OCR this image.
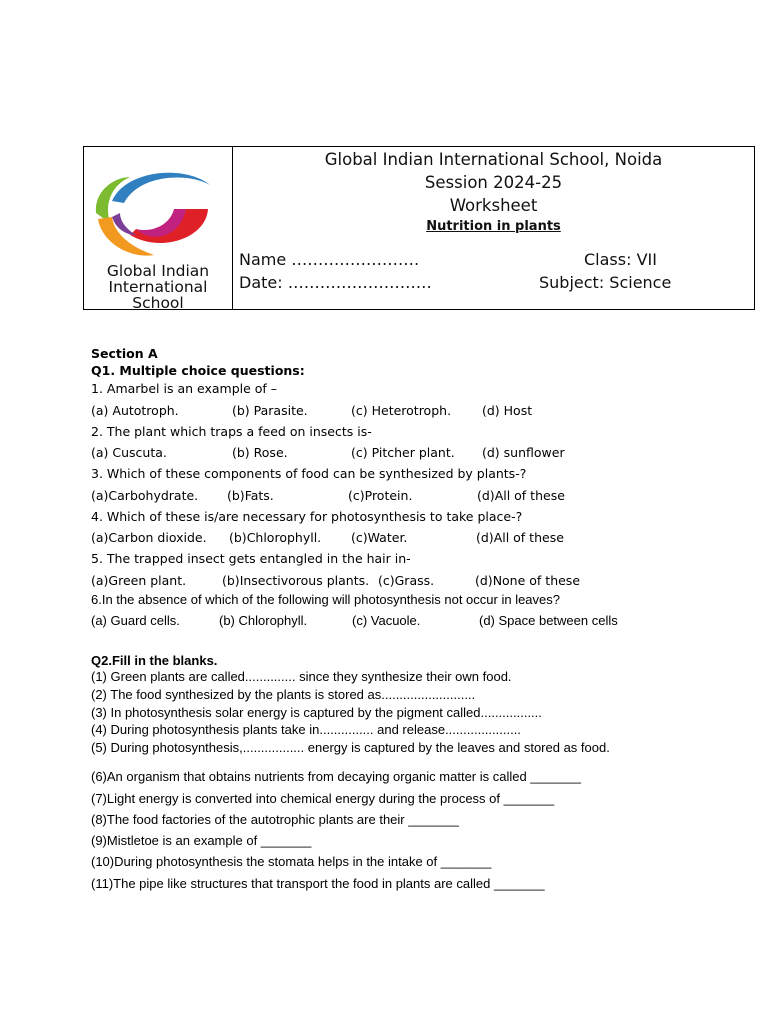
Global Indian
International
School
Global Indian International School, Noida
Session 2024-25
Worksheet
Nutrition in plants
Name ……………………
Date: ………………………
Class: VII
Subject: Science
Section A
Q1. Multiple choice questions:
1. Amarbel is an example of –
(a) Autotroph.	(b) Parasite.	(c) Heterotroph. (d) Host
2. The plant which traps a feed on insects is-
(a) Cuscuta.	(b) Rose.	(c) Pitcher plant. (d) sunflower
3. Which of these components of food can be synthesized by plants-?
(a)Carbohydrate. (b)Fats.	(c)Protein.	(d)All of these
4. Which of these is/are necessary for photosynthesis to take place-?
(a)Carbon dioxide. (b)Chlorophyll. (c)Water.	(d)All of these
5. The trapped insect gets entangled in the hair in-
(a)Green plant.	(b)Insectivorous plants. (c)Grass.	(d)None of these
6.In the absence of which of the following will photosynthesis not occur in leaves?
(a) Guard cells.	(b) Chlorophyll.	(c) Vacuole.	(d) Space between cells
Q2.Fill in the blanks.
(1) Green plants are called.............. since they synthesize their own food.
(2) The food synthesized by the plants is stored as..........................
(3) In photosynthesis solar energy is captured by the pigment called.................
(4) During photosynthesis plants take in............... and release.....................
(5) During photosynthesis,................. energy is captured by the leaves and stored as food.
(6)An organism that obtains nutrients from decaying organic matter is called _______
(7)Light energy is converted into chemical energy during the process of _______
(8)The food factories of the autotrophic plants are their _______
(9)Mistletoe is an example of _______
(10)During photosynthesis the stomata helps in the intake of _______
(11)The pipe like structures that transport the food in plants are called _______
